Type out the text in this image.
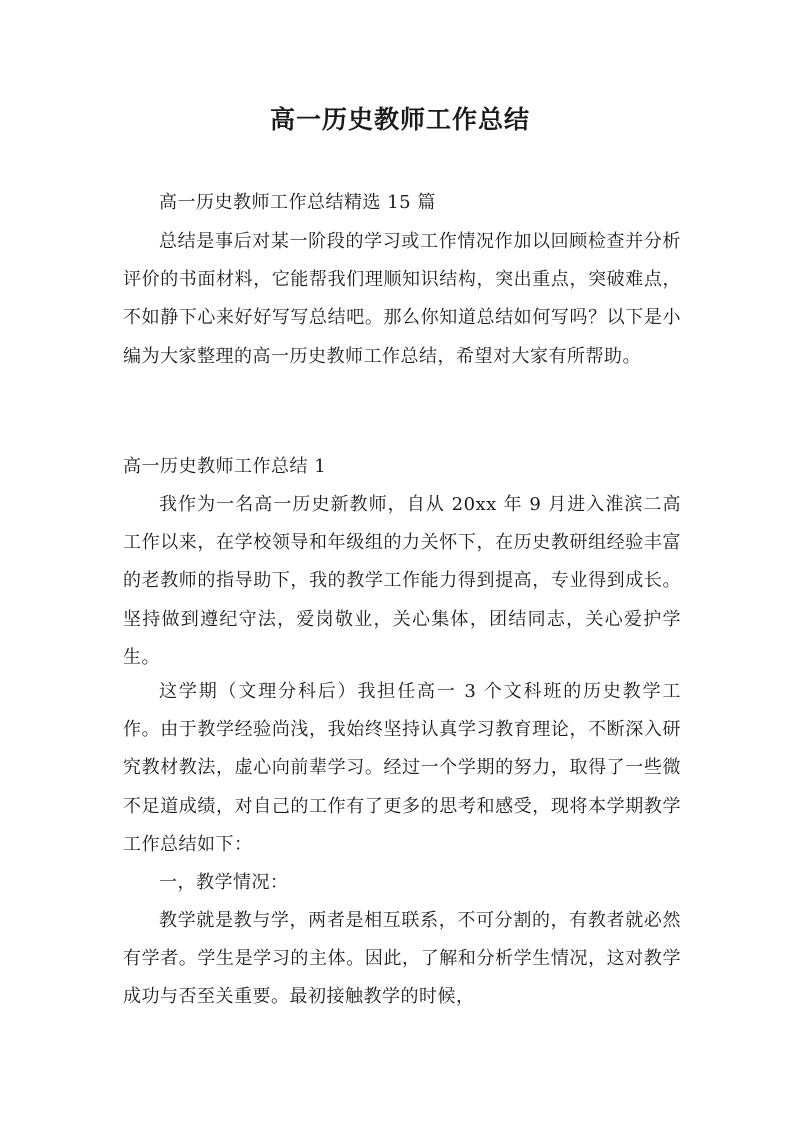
高一历史教师工作总结

高一历史教师工作总结精选 15 篇

总结是事后对某一阶段的学习或工作情况作加以回顾检查并分析评价的书面材料，它能帮我们理顺知识结构，突出重点，突破难点，不如静下心来好好写写总结吧。那么你知道总结如何写吗？以下是小编为大家整理的高一历史教师工作总结，希望对大家有所帮助。

高一历史教师工作总结 1

我作为一名高一历史新教师，自从 20xx 年 9 月进入淮滨二高工作以来，在学校领导和年级组的力关怀下，在历史教研组经验丰富的老教师的指导助下，我的教学工作能力得到提高，专业得到成长。坚持做到遵纪守法，爱岗敬业，关心集体，团结同志，关心爱护学生。

这学期（文理分科后）我担任高一 3 个文科班的历史教学工作。由于教学经验尚浅，我始终坚持认真学习教育理论，不断深入研究教材教法，虚心向前辈学习。经过一个学期的努力，取得了一些微不足道成绩，对自己的工作有了更多的思考和感受，现将本学期教学工作总结如下：

一，教学情况：

教学就是教与学，两者是相互联系，不可分割的，有教者就必然有学者。学生是学习的主体。因此，了解和分析学生情况，这对教学成功与否至关重要。最初接触教学的时候，
